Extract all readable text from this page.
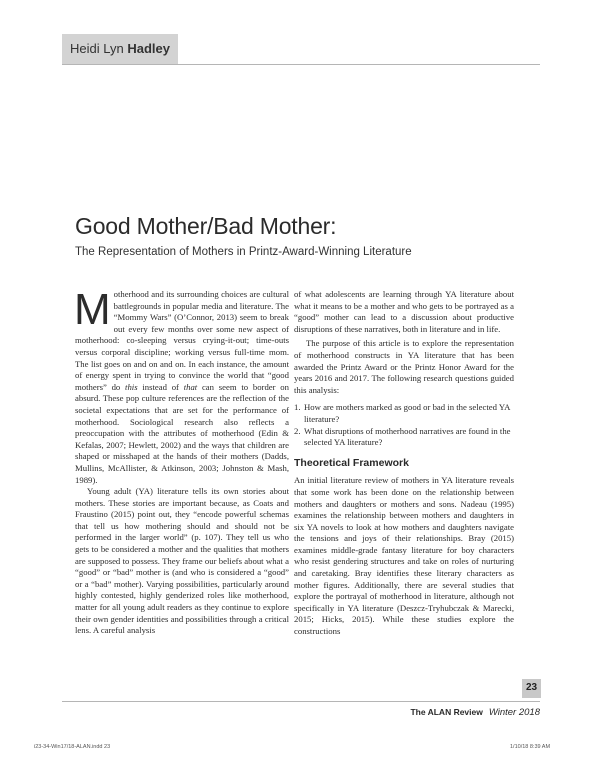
Heidi Lyn Hadley
Good Mother/Bad Mother:
The Representation of Mothers in Printz-Award-Winning Literature

Motherhood and its surrounding choices are cultural battlegrounds in popular media and literature. The “Mommy Wars” (O’Connor, 2013) seem to break out every few months over some new aspect of motherhood: co-sleeping versus crying-it-out; time-outs versus corporal discipline; working versus full-time mom. The list goes on and on and on. In each instance, the amount of energy spent in trying to convince the world that “good mothers” do this instead of that can seem to border on absurd. These pop culture references are the reflection of the societal expectations that are set for the performance of motherhood. Sociological research also reflects a preoccupation with the attributes of motherhood (Edin & Kefalas, 2007; Hewlett, 2002) and the ways that children are shaped or misshaped at the hands of their mothers (Dadds, Mullins, McAllister, & Atkinson, 2003; Johnston & Mash, 1989).

Young adult (YA) literature tells its own stories about mothers. These stories are important because, as Coats and Fraustino (2015) point out, they “encode powerful schemas that tell us how mothering should and should not be performed in the larger world” (p. 107). They tell us who gets to be considered a mother and the qualities that mothers are supposed to possess. They frame our beliefs about what a “good” or “bad” mother is (and who is considered a “good” or a “bad” mother). Varying possibilities, particularly around highly contested, highly genderized roles like motherhood, matter for all young adult readers as they continue to explore their own gender identities and possibilities through a critical lens. A careful analysis

of what adolescents are learning through YA literature about what it means to be a mother and who gets to be portrayed as a “good” mother can lead to a discussion about productive disruptions of these narratives, both in literature and in life.

The purpose of this article is to explore the representation of motherhood constructs in YA literature that has been awarded the Printz Award or the Printz Honor Award for the years 2016 and 2017. The following research questions guided this analysis:

1. How are mothers marked as good or bad in the selected YA literature?
2. What disruptions of motherhood narratives are found in the selected YA literature?
Theoretical Framework

An initial literature review of mothers in YA literature reveals that some work has been done on the relationship between mothers and daughters or mothers and sons. Nadeau (1995) examines the relationship between mothers and daughters in six YA novels to look at how mothers and daughters navigate the tensions and joys of their relationships. Bray (2015) examines middle-grade fantasy literature for boy characters who resist gendering structures and take on roles of nurturing and caretaking. Bray identifies these literary characters as mother figures. Additionally, there are several studies that explore the portrayal of motherhood in literature, although not specifically in YA literature (Deszcz-Tryhubczak & Marecki, 2015; Hicks, 2015). While these studies explore the constructions

23
The ALAN Review Winter 2018
i23-34-Win17/18-ALAN.indd 23	1/10/18 8:39 AM
